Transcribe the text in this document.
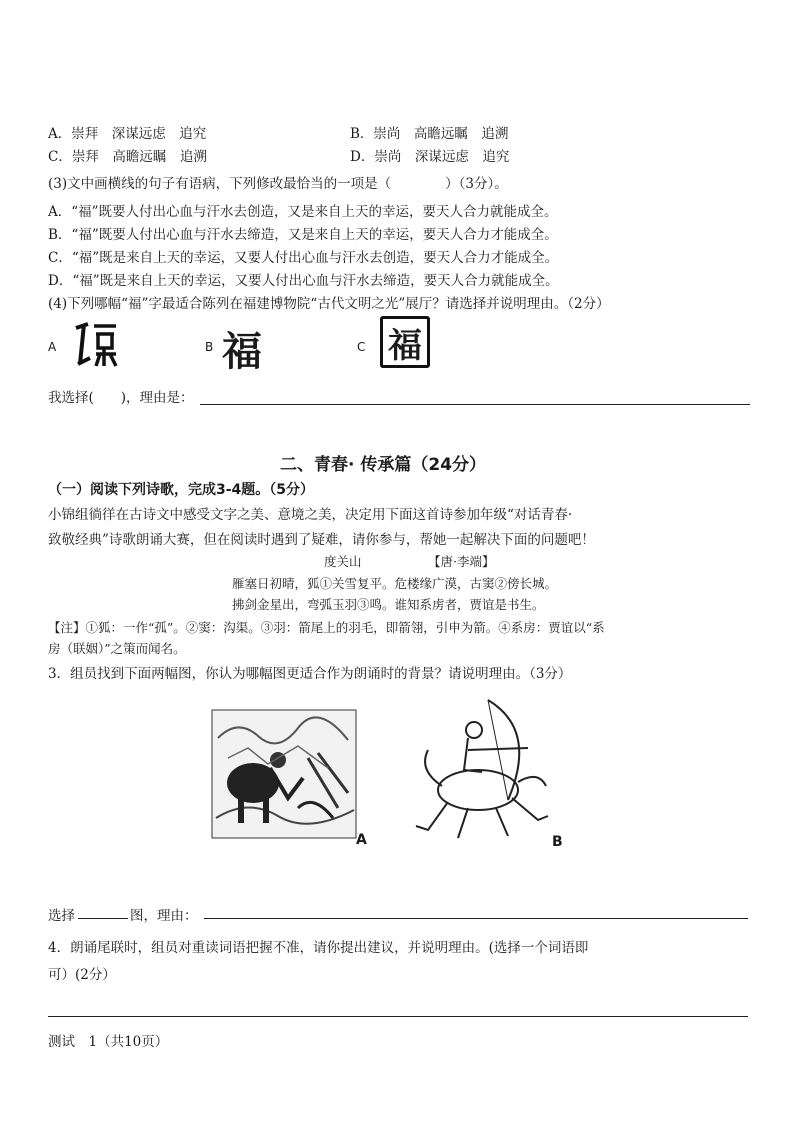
A．崇拜　深谋远虑　追究	B．崇尚　高瞻远瞩　追溯
C．崇拜　高瞻远瞩　追溯	D．崇尚　深谋远虑　追究
(3)文中画横线的句子有语病，下列修改最恰当的一项是（　　　　）（3分）。
A．“福”既要人付出心血与汗水去创造，又是来自上天的幸运，要天人合力就能成全。
B．“福”既要人付出心血与汗水去缔造，又是来自上天的幸运，要天人合力才能成全。
C．“福”既是来自上天的幸运，又要人付出心血与汗水去创造，要天人合力才能成全。
D．“福”既是来自上天的幸运，又要人付出心血与汗水去缔造，要天人合力就能成全。
(4)下列哪幅“福”字最适合陈列在福建博物院“古代文明之光”展厅？请选择并说明理由。（2分）
A	B 福	C 福
我选择(　　)，理由是：
二、青春· 传承篇（24分）
（一）阅读下列诗歌，完成3-4题。（5分）
小锦组徜徉在古诗文中感受文字之美、意境之美，决定用下面这首诗参加年级“对话青春·
致敬经典”诗歌朗诵大赛，但在阅读时遇到了疑难，请你参与，帮她一起解决下面的问题吧！
度关山	【唐·李端】
雁塞日初晴，狐①关雪复平。危楼缘广漠，古窦②傍长城。
拂剑金星出，弯弧玉羽③鸣。谁知系虏者，贾谊是书生。
【注】①狐：一作“孤”。②窦：沟渠。③羽：箭尾上的羽毛，即箭翎，引申为箭。④系房：贾谊以“系
房（联姻）”之策而闻名。
3．组员找到下面两幅图，你认为哪幅图更适合作为朗诵时的背景？请说明理由。（3分）
A	B
选择	图，理由：
4．朗诵尾联时，组员对重读词语把握不准，请你提出建议，并说明理由。(选择一个词语即
可）(2分）
测试　1（共10页）
